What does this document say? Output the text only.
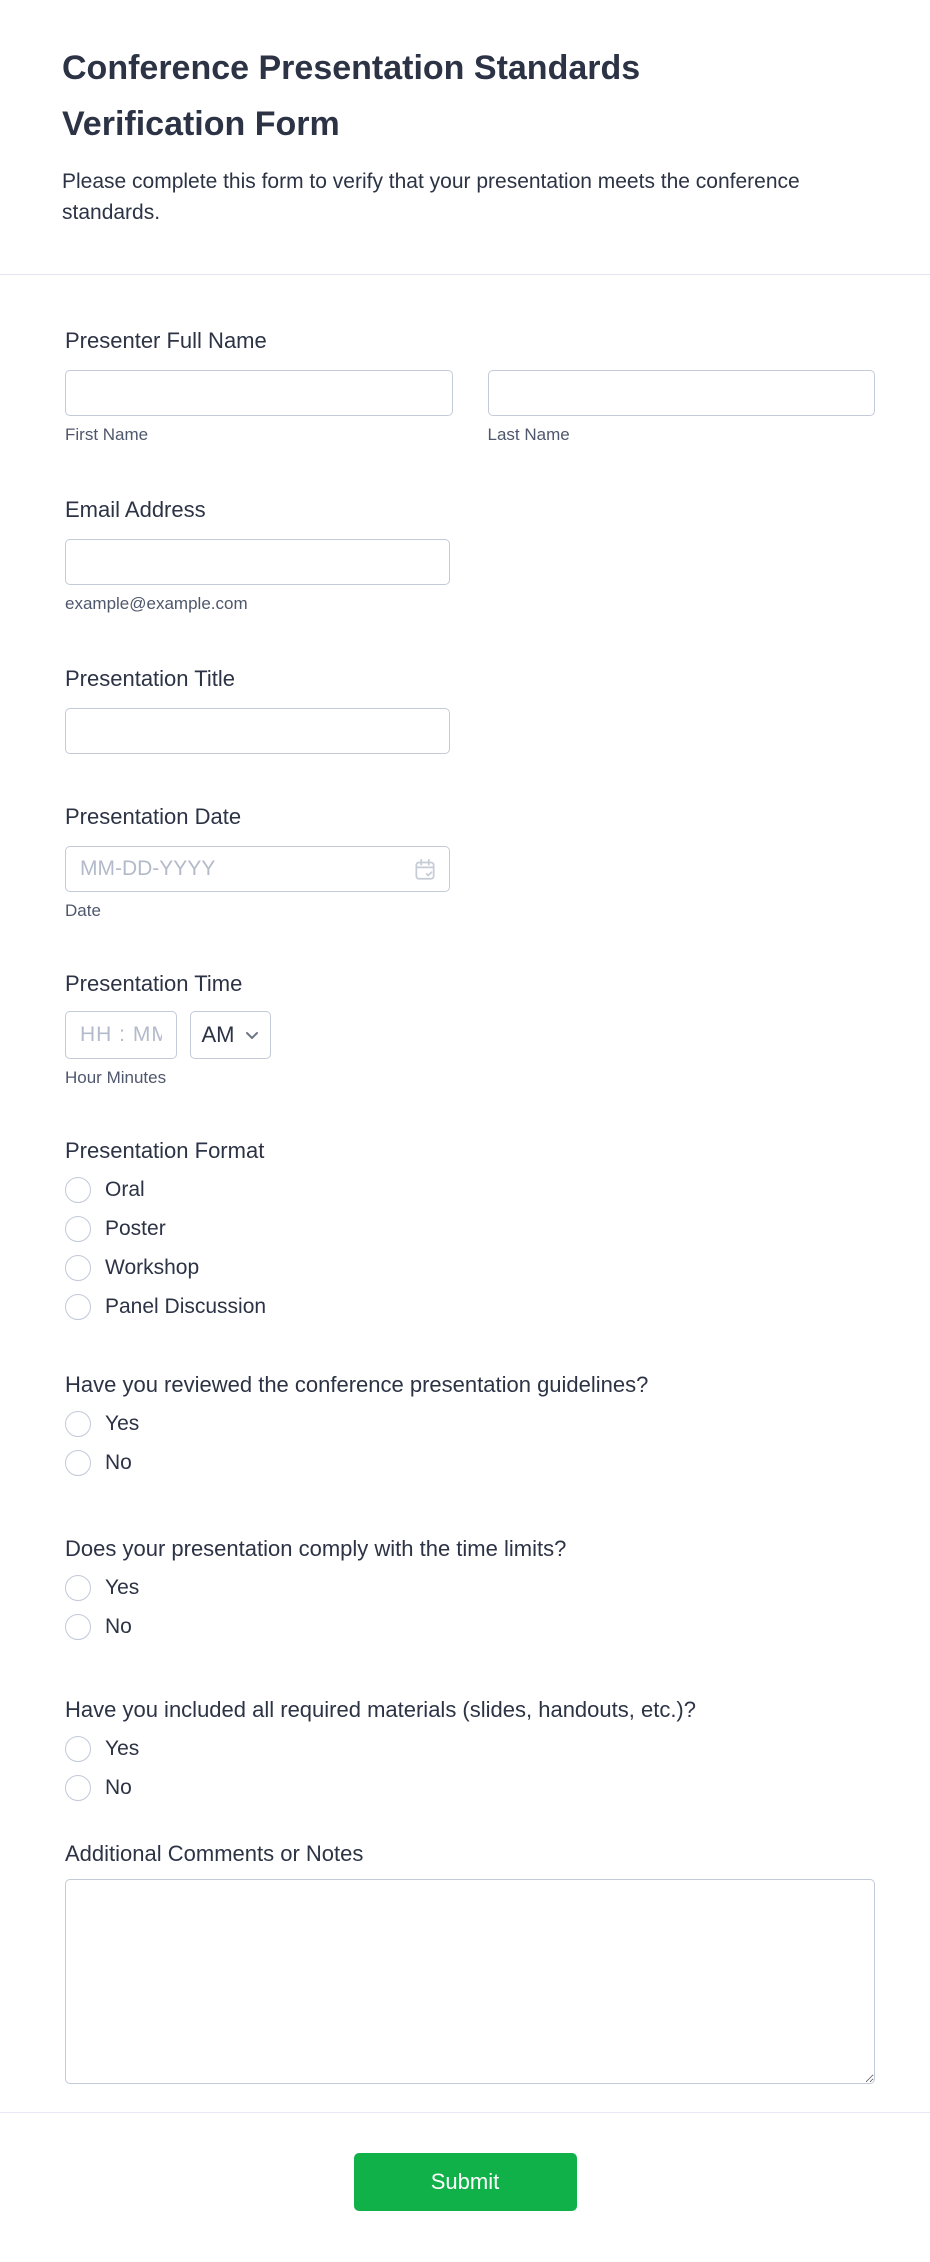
Conference Presentation Standards Verification Form

Please complete this form to verify that your presentation meets the conference standards.

Presenter Full Name
First Name	Last Name
Email Address
example@example.com
Presentation Title
Presentation Date
MM-DD-YYYY
Date
Presentation Time
HH : MM
AM
Hour Minutes
Presentation Format
Oral
Poster
Workshop
Panel Discussion
Have you reviewed the conference presentation guidelines?
Yes
No
Does your presentation comply with the time limits?
Yes
No
Have you included all required materials (slides, handouts, etc.)?
Yes
No
Additional Comments or Notes
Submit
